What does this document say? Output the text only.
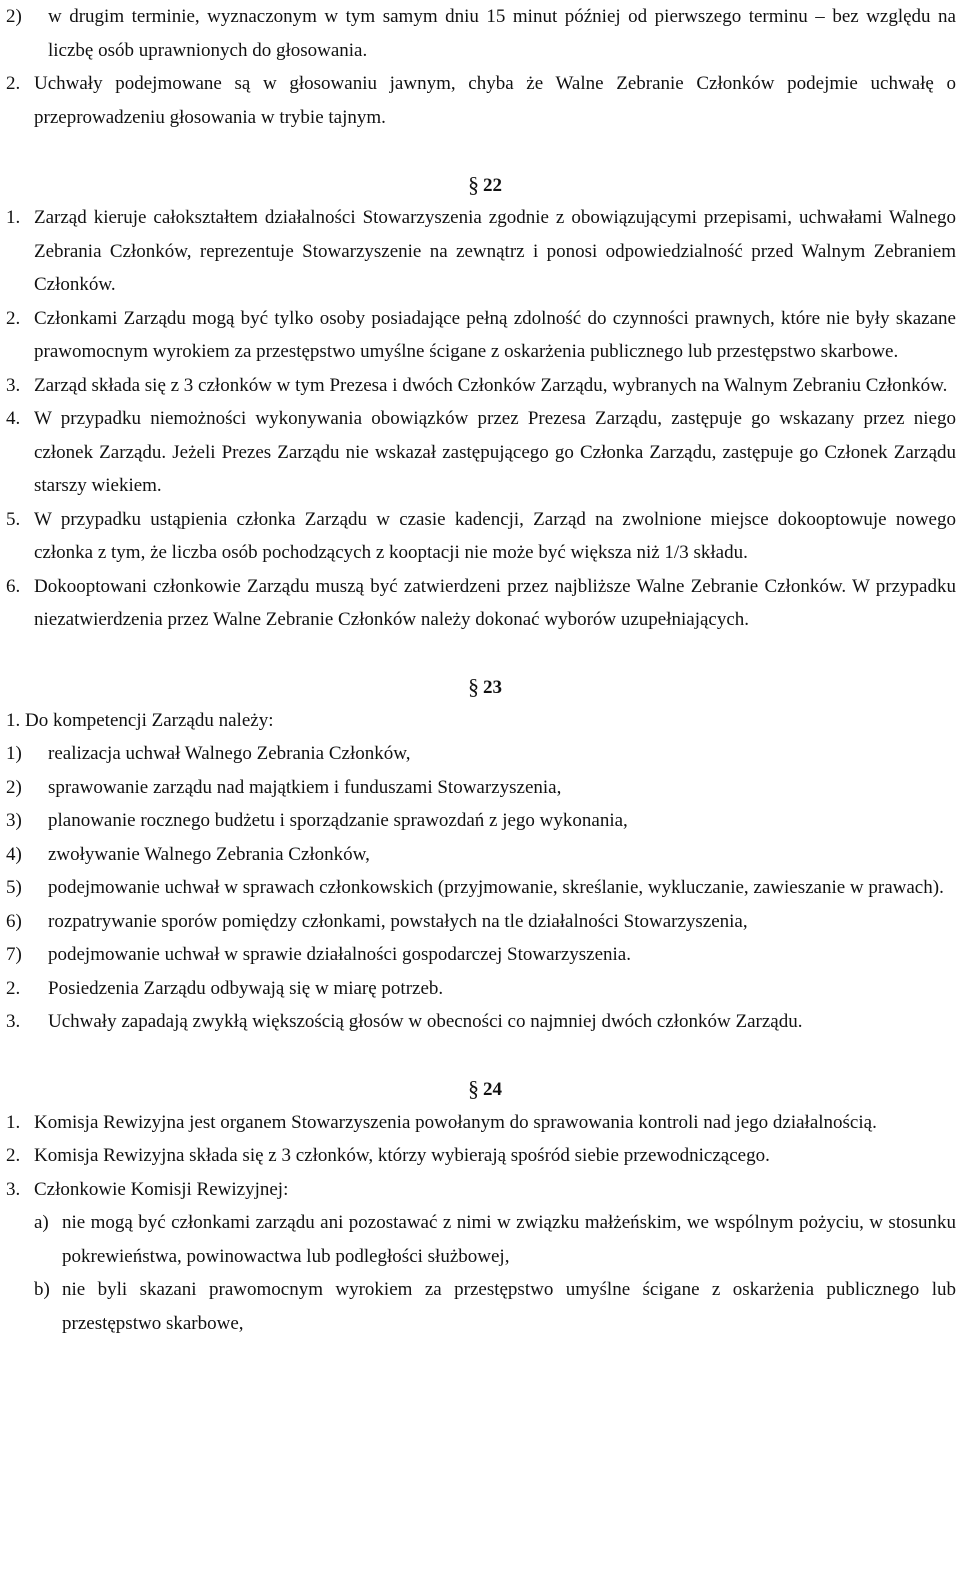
2) w drugim terminie, wyznaczonym w tym samym dniu 15 minut później od pierwszego terminu – bez względu na liczbę osób uprawnionych do głosowania.

2. Uchwały podejmowane są w głosowaniu jawnym, chyba że Walne Zebranie Członków podejmie uchwałę o przeprowadzeniu głosowania w trybie tajnym.

§ 22

1. Zarząd kieruje całokształtem działalności Stowarzyszenia zgodnie z obowiązującymi przepisami, uchwałami Walnego Zebrania Członków, reprezentuje Stowarzyszenie na zewnątrz i ponosi odpowiedzialność przed Walnym Zebraniem Członków.

2. Członkami Zarządu mogą być tylko osoby posiadające pełną zdolność do czynności prawnych, które nie były skazane prawomocnym wyrokiem za przestępstwo umyślne ścigane z oskarżenia publicznego lub przestępstwo skarbowe.

3. Zarząd składa się z 3 członków w tym Prezesa i dwóch Członków Zarządu, wybranych na Walnym Zebraniu Członków.

4. W przypadku niemożności wykonywania obowiązków przez Prezesa Zarządu, zastępuje go wskazany przez niego członek Zarządu. Jeżeli Prezes Zarządu nie wskazał zastępującego go Członka Zarządu, zastępuje go Członek Zarządu starszy wiekiem.

5. W przypadku ustąpienia członka Zarządu w czasie kadencji, Zarząd na zwolnione miejsce dokooptowuje nowego członka z tym, że liczba osób pochodzących z kooptacji nie może być większa niż 1/3 składu.

6. Dokooptowani członkowie Zarządu muszą być zatwierdzeni przez najbliższe Walne Zebranie Członków. W przypadku niezatwierdzenia przez Walne Zebranie Członków należy dokonać wyborów uzupełniających.

§ 23

1. Do kompetencji Zarządu należy:

1) realizacja uchwał Walnego Zebrania Członków,

2) sprawowanie zarządu nad majątkiem i funduszami Stowarzyszenia,

3) planowanie rocznego budżetu i sporządzanie sprawozdań z jego wykonania,

4) zwoływanie Walnego Zebrania Członków,

5) podejmowanie uchwał w sprawach członkowskich (przyjmowanie, skreślanie, wykluczanie, zawieszanie w prawach).

6) rozpatrywanie sporów pomiędzy członkami, powstałych na tle działalności Stowarzyszenia,

7) podejmowanie uchwał w sprawie działalności gospodarczej Stowarzyszenia.

2. Posiedzenia Zarządu odbywają się w miarę potrzeb.

3. Uchwały zapadają zwykłą większością głosów w obecności co najmniej dwóch członków Zarządu.

§ 24

1. Komisja Rewizyjna jest organem Stowarzyszenia powołanym do sprawowania kontroli nad jego działalnością.

2. Komisja Rewizyjna składa się z 3 członków, którzy wybierają spośród siebie przewodniczącego.

3. Członkowie Komisji Rewizyjnej:

a) nie mogą być członkami zarządu ani pozostawać z nimi w związku małżeńskim, we wspólnym pożyciu, w stosunku pokrewieństwa, powinowactwa lub podległości służbowej,

b) nie byli skazani prawomocnym wyrokiem za przestępstwo umyślne ścigane z oskarżenia publicznego lub przestępstwo skarbowe,
